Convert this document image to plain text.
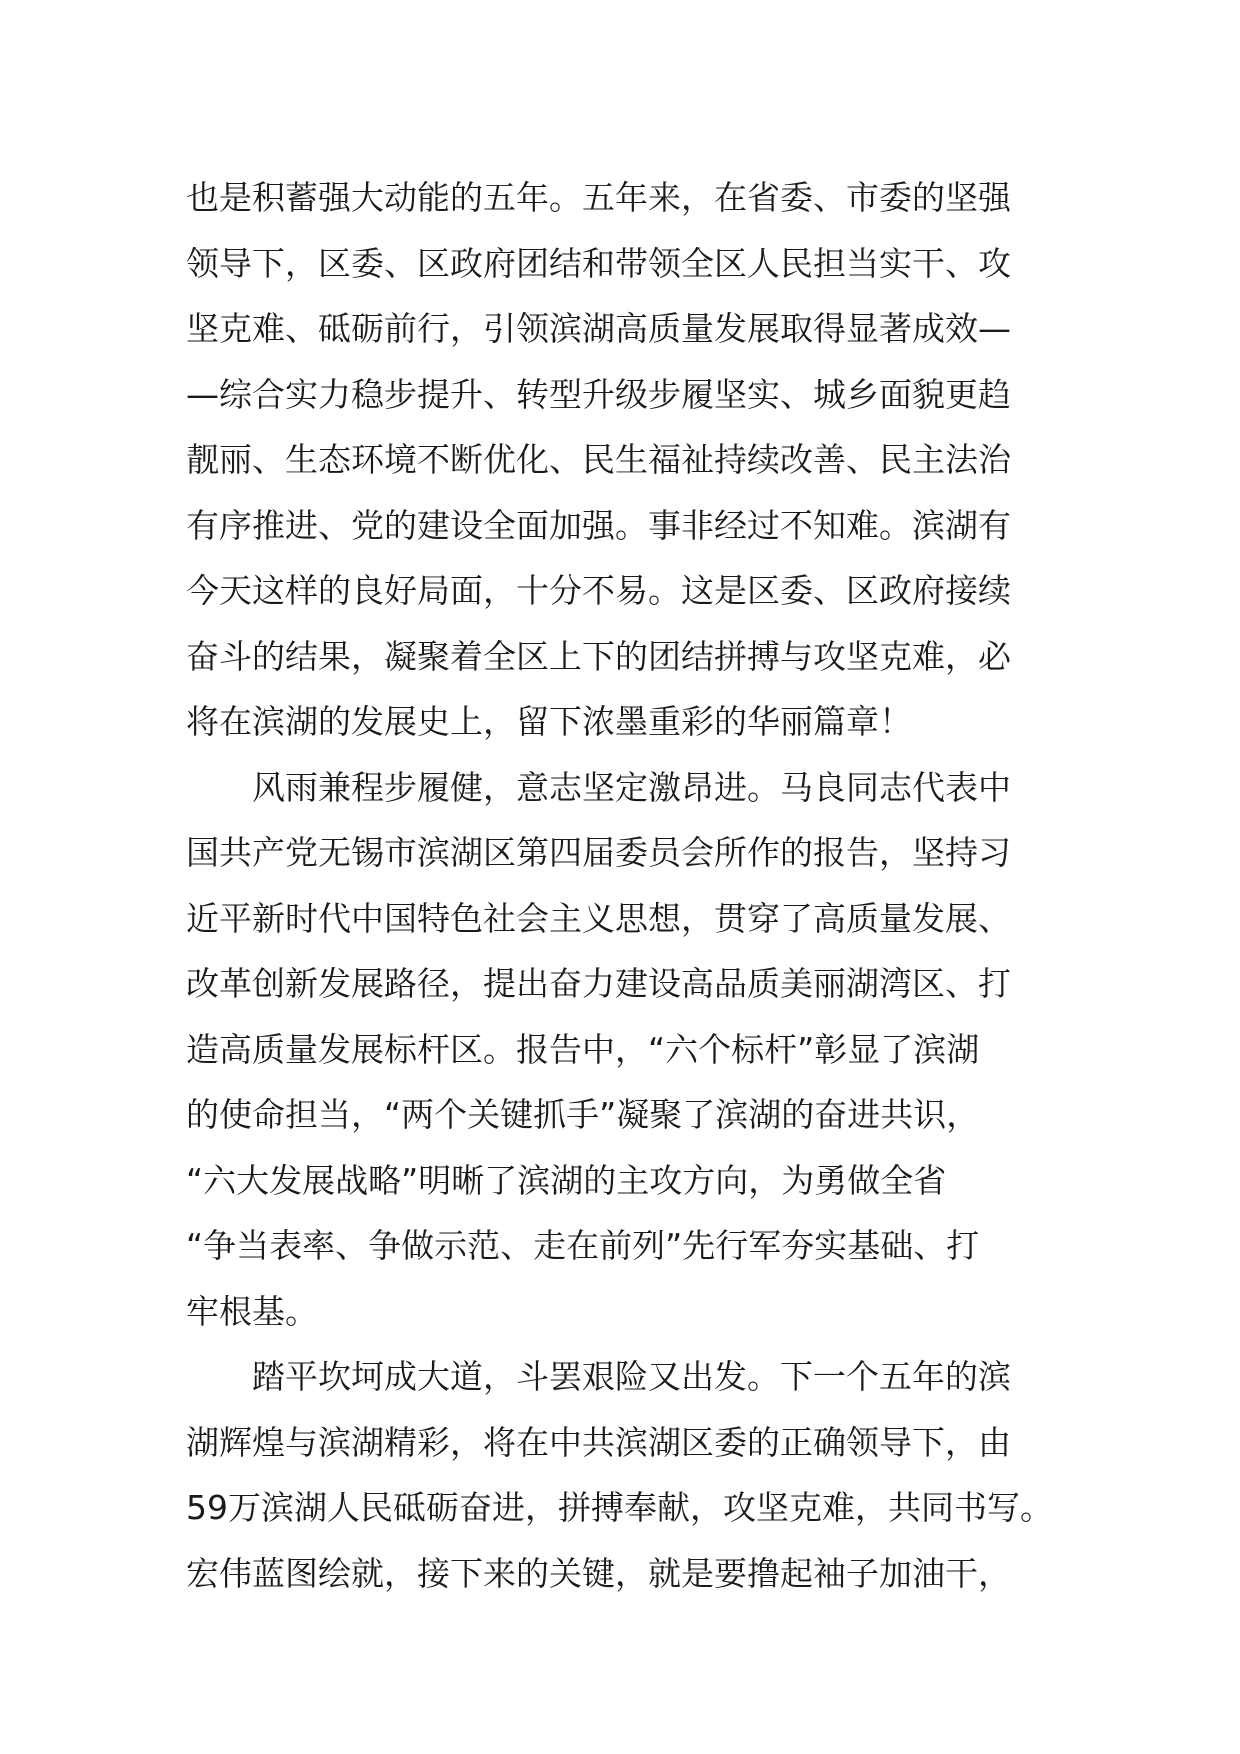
也是积蓄强大动能的五年。五年来，在省委、市委的坚强
领导下，区委、区政府团结和带领全区人民担当实干、攻
坚克难、砥砺前行，引领滨湖高质量发展取得显著成效—
—综合实力稳步提升、转型升级步履坚实、城乡面貌更趋
靓丽、生态环境不断优化、民生福祉持续改善、民主法治
有序推进、党的建设全面加强。事非经过不知难。滨湖有
今天这样的良好局面，十分不易。这是区委、区政府接续
奋斗的结果，凝聚着全区上下的团结拼搏与攻坚克难，必
将在滨湖的发展史上，留下浓墨重彩的华丽篇章！
风雨兼程步履健，意志坚定激昂进。马良同志代表中
国共产党无锡市滨湖区第四届委员会所作的报告，坚持习
近平新时代中国特色社会主义思想，贯穿了高质量发展、
改革创新发展路径，提出奋力建设高品质美丽湖湾区、打
造高质量发展标杆区。报告中，“六个标杆”彰显了滨湖
的使命担当，“两个关键抓手”凝聚了滨湖的奋进共识，
“六大发展战略”明晰了滨湖的主攻方向，为勇做全省
“争当表率、争做示范、走在前列”先行军夯实基础、打
牢根基。
踏平坎坷成大道，斗罢艰险又出发。下一个五年的滨
湖辉煌与滨湖精彩，将在中共滨湖区委的正确领导下，由
59万滨湖人民砥砺奋进，拼搏奉献，攻坚克难，共同书写。
宏伟蓝图绘就，接下来的关键，就是要撸起袖子加油干，
